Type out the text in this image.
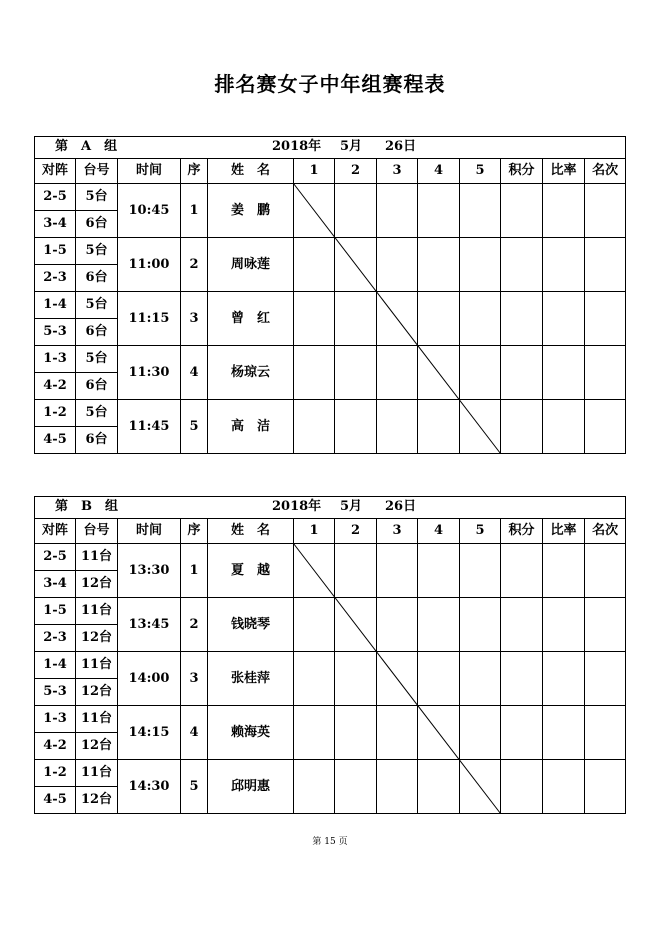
排名赛女子中年组赛程表
第　A　组 2018年 5月 26日												

对阵	台号	时间	序	姓　名	1	2	3	4	5	积分	比率	名次
2-5	5台	10:45	1	姜　鹏								
3-4	6台											
1-5	5台	11:00	2	周咏莲								
2-3	6台											
1-4	5台	11:15	3	曾　红								
5-3	6台											
1-3	5台	11:30	4	杨琼云								
4-2	6台											
1-2	5台	11:45	5	高　洁								
4-5	6台											
第　B　组 2018年 5月 26日												

对阵	台号	时间	序	姓　名	1	2	3	4	5	积分	比率	名次
2-5	11台	13:30	1	夏　越								
3-4	12台											
1-5	11台	13:45	2	钱晓琴								
2-3	12台											
1-4	11台	14:00	3	张桂萍								
5-3	12台											
1-3	11台	14:15	4	赖海英								
4-2	12台											
1-2	11台	14:30	5	邱明惠								
4-5	12台											
第 15 页
